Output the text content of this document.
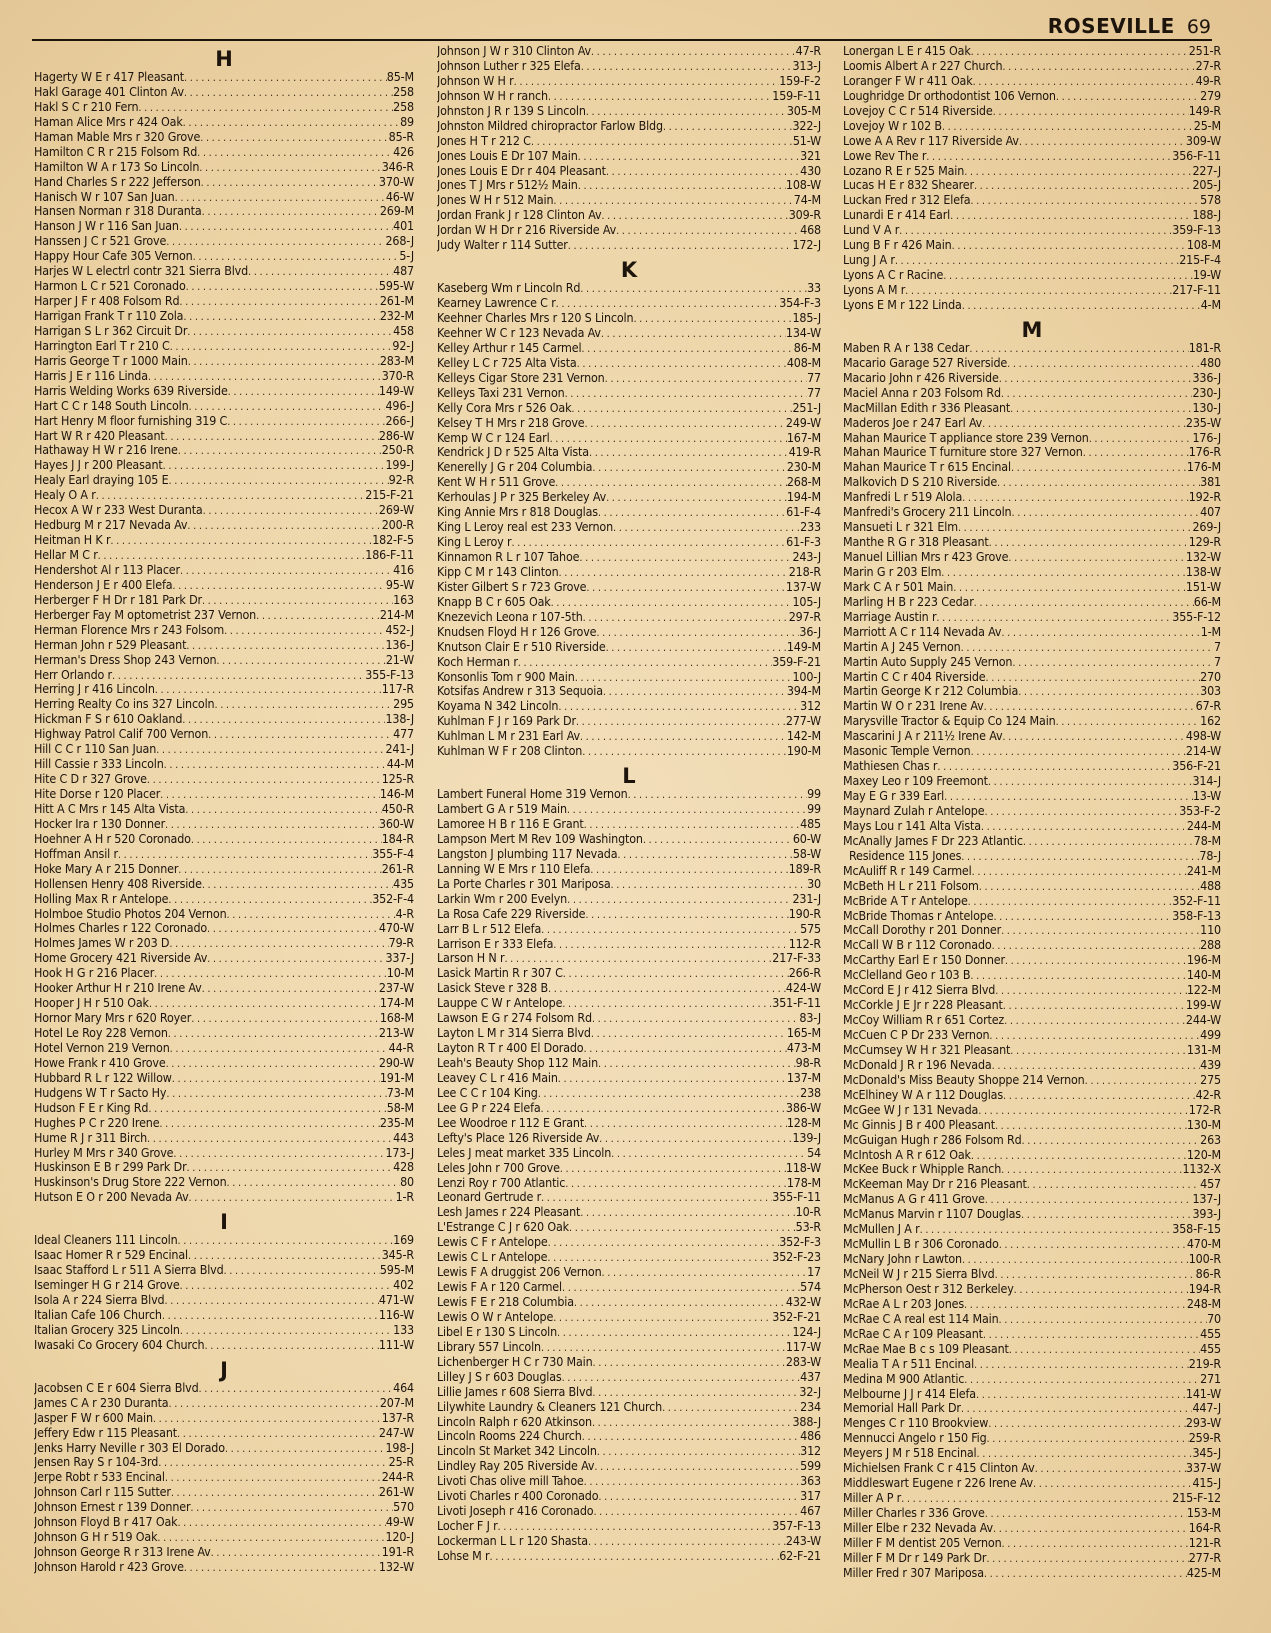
ROSEVILLE 69
H
Hagerty W E r 417 Pleasant .....	85-M
Hakl Garage 401 Clinton Av .....	258
Hakl S C r 210 Fern .....	258
Haman Alice Mrs r 424 Oak .....	89
Haman Mable Mrs r 320 Grove .....	85-R
Hamilton C R r 215 Folsom Rd .....	426
Hamilton W A r 173 So Lincoln .....	346-R
Hand Charles S r 222 Jefferson .....	370-W
Hanisch W r 107 San Juan .....	46-W
Hansen Norman r 318 Duranta .....	269-M
Hanson J W r 116 San Juan .....	401
Hanssen J C r 521 Grove .....	268-J
Happy Hour Cafe 305 Vernon .....	5-J
Harjes W L electrl contr 321 Sierra Blvd .....	487
Harmon L C r 521 Coronado .....	595-W
Harper J F r 408 Folsom Rd .....	261-M
Harrigan Frank T r 110 Zola .....	232-M
Harrigan S L r 362 Circuit Dr .....	458
Harrington Earl T r 210 C .....	92-J
Harris George T r 1000 Main .....	283-M
Harris J E r 116 Linda .....	370-R
Harris Welding Works 639 Riverside .....	149-W
Hart C C r 148 South Lincoln .....	496-J
Hart Henry M floor furnishing 319 C .....	266-J
Hart W R r 420 Pleasant .....	286-W
Hathaway H W r 216 Irene .....	250-R
Hayes J J r 200 Pleasant .....	199-J
Healy Earl draying 105 E .....	92-R
Healy O A r .....	215-F-21
Hecox A W r 233 West Duranta .....	269-W
Hedburg M r 217 Nevada Av .....	200-R
Heitman H K r .....	182-F-5
Hellar M C r .....	186-F-11
Hendershot Al r 113 Placer .....	416
Henderson J E r 400 Elefa .....	95-W
Herberger F H Dr r 181 Park Dr .....	163
Herberger Fay M optometrist 237 Vernon .....	214-M
Herman Florence Mrs r 243 Folsom .....	452-J
Herman John r 529 Pleasant .....	136-J
Herman's Dress Shop 243 Vernon .....	21-W
Herr Orlando r .....	355-F-13
Herring J r 416 Lincoln .....	117-R
Herring Realty Co ins 327 Lincoln .....	295
Hickman F S r 610 Oakland .....	138-J
Highway Patrol Calif 700 Vernon .....	477
Hill C C r 110 San Juan .....	241-J
Hill Cassie r 333 Lincoln .....	44-M
Hite C D r 327 Grove .....	125-R
Hite Dorse r 120 Placer .....	146-M
Hitt A C Mrs r 145 Alta Vista .....	450-R
Hocker Ira r 130 Donner .....	360-W
Hoehner A H r 520 Coronado .....	184-R
Hoffman Ansil r .....	355-F-4
Hoke Mary A r 215 Donner .....	261-R
Hollensen Henry 408 Riverside .....	435
Holling Max R r Antelope .....	352-F-4
Holmboe Studio Photos 204 Vernon .....	4-R
Holmes Charles r 122 Coronado .....	470-W
Holmes James W r 203 D .....	79-R
Home Grocery 421 Riverside Av .....	337-J
Hook H G r 216 Placer .....	10-M
Hooker Arthur H r 210 Irene Av .....	237-W
Hooper J H r 510 Oak .....	174-M
Hornor Mary Mrs r 620 Royer .....	168-M
Hotel Le Roy 228 Vernon .....	213-W
Hotel Vernon 219 Vernon .....	44-R
Howe Frank r 410 Grove .....	290-W
Hubbard R L r 122 Willow .....	191-M
Hudgens W T r Sacto Hy .....	73-M
Hudson F E r King Rd .....	58-M
Hughes P C r 220 Irene .....	235-M
Hume R J r 311 Birch .....	443
Hurley M Mrs r 340 Grove .....	173-J
Huskinson E B r 299 Park Dr .....	428
Huskinson's Drug Store 222 Vernon .....	80
Hutson E O r 200 Nevada Av .....	1-R
I
Ideal Cleaners 111 Lincoln .....	169
Isaac Homer R r 529 Encinal .....	345-R
Isaac Stafford L r 511 A Sierra Blvd .....	595-M
Iseminger H G r 214 Grove .....	402
Isola A r 224 Sierra Blvd .....	471-W
Italian Cafe 106 Church .....	116-W
Italian Grocery 325 Lincoln .....	133
Iwasaki Co Grocery 604 Church .....	111-W
J
Jacobsen C E r 604 Sierra Blvd .....	464
James C A r 230 Duranta .....	207-M
Jasper F W r 600 Main .....	137-R
Jeffery Edw r 115 Pleasant .....	247-W
Jenks Harry Neville r 303 El Dorado .....	198-J
Jensen Ray S r 104-3rd .....	25-R
Jerpe Robt r 533 Encinal .....	244-R
Johnson Carl r 115 Sutter .....	261-W
Johnson Ernest r 139 Donner .....	570
Johnson Floyd B r 417 Oak .....	49-W
Johnson G H r 519 Oak .....	120-J
Johnson George R r 313 Irene Av .....	191-R
Johnson Harold r 423 Grove .....	132-W
Johnson J W r 310 Clinton Av .....	47-R
Johnson Luther r 325 Elefa .....	313-J
Johnson W H r .....	159-F-2
Johnson W H r ranch .....	159-F-11
Johnston J R r 139 S Lincoln .....	305-M
Johnston Mildred chiropractor Farlow Bldg .....	322-J
Jones H T r 212 C .....	51-W
Jones Louis E Dr 107 Main .....	321
Jones Louis E Dr r 404 Pleasant .....	430
Jones T J Mrs r 512½ Main .....	108-W
Jones W H r 512 Main .....	74-M
Jordan Frank J r 128 Clinton Av .....	309-R
Jordan W H Dr r 216 Riverside Av .....	468
Judy Walter r 114 Sutter .....	172-J
K
Kaseberg Wm r Lincoln Rd .....	33
Kearney Lawrence C r .....	354-F-3
Keehner Charles Mrs r 120 S Lincoln .....	185-J
Keehner W C r 123 Nevada Av .....	134-W
Kelley Arthur r 145 Carmel .....	86-M
Kelley L C r 725 Alta Vista .....	408-M
Kelleys Cigar Store 231 Vernon .....	77
Kelleys Taxi 231 Vernon .....	77
Kelly Cora Mrs r 526 Oak .....	251-J
Kelsey T H Mrs r 218 Grove .....	249-W
Kemp W C r 124 Earl .....	167-M
Kendrick J D r 525 Alta Vista .....	419-R
Kenerelly J G r 204 Columbia .....	230-M
Kent W H r 511 Grove .....	268-M
Kerhoulas J P r 325 Berkeley Av .....	194-M
King Annie Mrs r 818 Douglas .....	61-F-4
King L Leroy real est 233 Vernon .....	233
King L Leroy r .....	61-F-3
Kinnamon R L r 107 Tahoe .....	243-J
Kipp C M r 143 Clinton .....	218-R
Kister Gilbert S r 723 Grove .....	137-W
Knapp B C r 605 Oak .....	105-J
Knezevich Leona r 107-5th .....	297-R
Knudsen Floyd H r 126 Grove .....	36-J
Knutson Clair E r 510 Riverside .....	149-M
Koch Herman r .....	359-F-21
Konsonlis Tom r 900 Main .....	100-J
Kotsifas Andrew r 313 Sequoia .....	394-M
Koyama N 342 Lincoln .....	312
Kuhlman F J r 169 Park Dr .....	277-W
Kuhlman L M r 231 Earl Av .....	142-M
Kuhlman W F r 208 Clinton .....	190-M
L
Lambert Funeral Home 319 Vernon .....	99
Lambert G A r 519 Main .....	99
Lamoree H B r 116 E Grant .....	485
Lampson Mert M Rev 109 Washington .....	60-W
Langston J plumbing 117 Nevada .....	58-W
Lanning W E Mrs r 110 Elefa .....	189-R
La Porte Charles r 301 Mariposa .....	30
Larkin Wm r 200 Evelyn .....	231-J
La Rosa Cafe 229 Riverside .....	190-R
Larr B L r 512 Elefa .....	575
Larrison E r 333 Elefa .....	112-R
Larson H N r .....	217-F-33
Lasick Martin R r 307 C .....	266-R
Lasick Steve r 328 B .....	424-W
Lauppe C W r Antelope .....	351-F-11
Lawson E G r 274 Folsom Rd .....	83-J
Layton L M r 314 Sierra Blvd .....	165-M
Layton R T r 400 El Dorado .....	473-M
Leah's Beauty Shop 112 Main .....	98-R
Leavey C L r 416 Main .....	137-M
Lee C C r 104 King .....	238
Lee G P r 224 Elefa .....	386-W
Lee Woodroe r 112 E Grant .....	128-M
Lefty's Place 126 Riverside Av .....	139-J
Leles J meat market 335 Lincoln .....	54
Leles John r 700 Grove .....	118-W
Lenzi Roy r 700 Atlantic .....	178-M
Leonard Gertrude r .....	355-F-11
Lesh James r 224 Pleasant .....	10-R
L'Estrange C J r 620 Oak .....	53-R
Lewis C F r Antelope .....	352-F-3
Lewis C L r Antelope .....	352-F-23
Lewis F A druggist 206 Vernon .....	17
Lewis F A r 120 Carmel .....	574
Lewis F E r 218 Columbia .....	432-W
Lewis O W r Antelope .....	352-F-21
Libel E r 130 S Lincoln .....	124-J
Library 557 Lincoln .....	117-W
Lichenberger H C r 730 Main .....	283-W
Lilley J S r 603 Douglas .....	437
Lillie James r 608 Sierra Blvd .....	32-J
Lilywhite Laundry & Cleaners 121 Church .....	234
Lincoln Ralph r 620 Atkinson .....	388-J
Lincoln Rooms 224 Church .....	486
Lincoln St Market 342 Lincoln .....	312
Lindley Ray 205 Riverside Av .....	599
Livoti Chas olive mill Tahoe .....	363
Livoti Charles r 400 Coronado .....	317
Livoti Joseph r 416 Coronado .....	467
Locher F J r .....	357-F-13
Lockerman L L r 120 Shasta .....	243-W
Lohse M r .....	62-F-21
Lonergan L E r 415 Oak .....	251-R
Loomis Albert A r 227 Church .....	27-R
Loranger F W r 411 Oak .....	49-R
Loughridge Dr orthodontist 106 Vernon .....	279
Lovejoy C C r 514 Riverside .....	149-R
Lovejoy W r 102 B .....	25-M
Lowe A A Rev r 117 Riverside Av .....	309-W
Lowe Rev The r .....	356-F-11
Lozano R E r 525 Main .....	227-J
Lucas H E r 832 Shearer .....	205-J
Luckan Fred r 312 Elefa .....	578
Lunardi E r 414 Earl .....	188-J
Lund V A r .....	359-F-13
Lung B F r 426 Main .....	108-M
Lung J A r .....	215-F-4
Lyons A C r Racine .....	19-W
Lyons A M r .....	217-F-11
Lyons E M r 122 Linda .....	4-M
M
Maben R A r 138 Cedar .....	181-R
Macario Garage 527 Riverside .....	480
Macario John r 426 Riverside .....	336-J
Maciel Anna r 203 Folsom Rd .....	230-J
MacMillan Edith r 336 Pleasant .....	130-J
Maderos Joe r 247 Earl Av .....	235-W
Mahan Maurice T appliance store 239 Vernon .....	176-J
Mahan Maurice T furniture store 327 Vernon .....	176-R
Mahan Maurice T r 615 Encinal .....	176-M
Malkovich D S 210 Riverside .....	381
Manfredi L r 519 Alola .....	192-R
Manfredi's Grocery 211 Lincoln .....	407
Mansueti L r 321 Elm .....	269-J
Manthe R G r 318 Pleasant .....	129-R
Manuel Lillian Mrs r 423 Grove .....	132-W
Marin G r 203 Elm .....	138-W
Mark C A r 501 Main .....	151-W
Marling H B r 223 Cedar .....	66-M
Marriage Austin r .....	355-F-12
Marriott A C r 114 Nevada Av .....	1-M
Martin A J 245 Vernon .....	7
Martin Auto Supply 245 Vernon .....	7
Martin C C r 404 Riverside .....	270
Martin George K r 212 Columbia .....	303
Martin W O r 231 Irene Av .....	67-R
Marysville Tractor & Equip Co 124 Main .....	162
Mascarini J A r 211½ Irene Av .....	498-W
Masonic Temple Vernon .....	214-W
Mathiesen Chas r .....	356-F-21
Maxey Leo r 109 Freemont .....	314-J
May E G r 339 Earl .....	13-W
Maynard Zulah r Antelope .....	353-F-2
Mays Lou r 141 Alta Vista .....	244-M
McAnally James F Dr 223 Atlantic .....	78-M
Residence 115 Jones .....	78-J
McAuliff R r 149 Carmel .....	241-M
McBeth H L r 211 Folsom .....	488
McBride A T r Antelope .....	352-F-11
McBride Thomas r Antelope .....	358-F-13
McCall Dorothy r 201 Donner .....	110
McCall W B r 112 Coronado .....	288
McCarthy Earl E r 150 Donner .....	196-M
McClelland Geo r 103 B .....	140-M
McCord E J r 412 Sierra Blvd .....	122-M
McCorkle J E Jr r 228 Pleasant .....	199-W
McCoy William R r 651 Cortez .....	244-W
McCuen C P Dr 233 Vernon .....	499
McCumsey W H r 321 Pleasant .....	131-M
McDonald J R r 196 Nevada .....	439
McDonald's Miss Beauty Shoppe 214 Vernon .....	275
McElhiney W A r 112 Douglas .....	42-R
McGee W J r 131 Nevada .....	172-R
Mc Ginnis J B r 400 Pleasant .....	130-M
McGuigan Hugh r 286 Folsom Rd .....	263
McIntosh A R r 612 Oak .....	120-M
McKee Buck r Whipple Ranch .....	1132-X
McKeeman May Dr r 216 Pleasant .....	457
McManus A G r 411 Grove .....	137-J
McManus Marvin r 1107 Douglas .....	393-J
McMullen J A r .....	358-F-15
McMullin L B r 306 Coronado .....	470-M
McNary John r Lawton .....	100-R
McNeil W J r 215 Sierra Blvd .....	86-R
McPherson Oest r 312 Berkeley .....	194-R
McRae A L r 203 Jones .....	248-M
McRae C A real est 114 Main .....	70
McRae C A r 109 Pleasant .....	455
McRae Mae B c s 109 Pleasant .....	455
Mealia T A r 511 Encinal .....	219-R
Medina M 900 Atlantic .....	271
Melbourne J J r 414 Elefa .....	141-W
Memorial Hall Park Dr .....	447-J
Menges C r 110 Brookview .....	293-W
Mennucci Angelo r 150 Fig .....	259-R
Meyers J M r 518 Encinal .....	345-J
Michielsen Frank C r 415 Clinton Av .....	337-W
Middleswart Eugene r 226 Irene Av .....	415-J
Miller A P r .....	215-F-12
Miller Charles r 336 Grove .....	153-M
Miller Elbe r 232 Nevada Av .....	164-R
Miller F M dentist 205 Vernon .....	121-R
Miller F M Dr r 149 Park Dr .....	277-R
Miller Fred r 307 Mariposa .....	425-M
